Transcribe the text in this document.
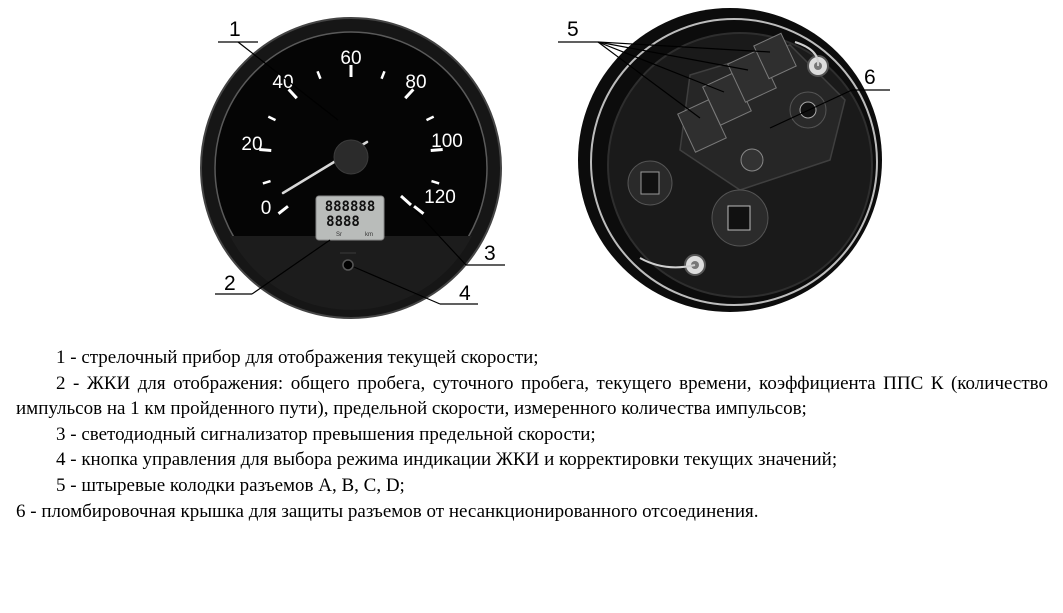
0
20
40
60
80
100
120
888888
8888
Sr	km
1
2
3
4
5
6

1 - стрелочный прибор для отображения текущей скорости;

2 - ЖКИ для отображения: общего пробега, суточного пробега, текущего времени, коэффициента ППС К (количество импульсов на 1 км пройденного пути), предельной скорости, измеренного количества импульсов;

3 - светодиодный сигнализатор превышения предельной скорости;

4 - кнопка управления для выбора режима индикации ЖКИ и корректировки текущих значений;

5 - штыревые колодки разъемов A, B, C, D;

6 - пломбировочная крышка для защиты разъемов от несанкционированного отсоединения.
